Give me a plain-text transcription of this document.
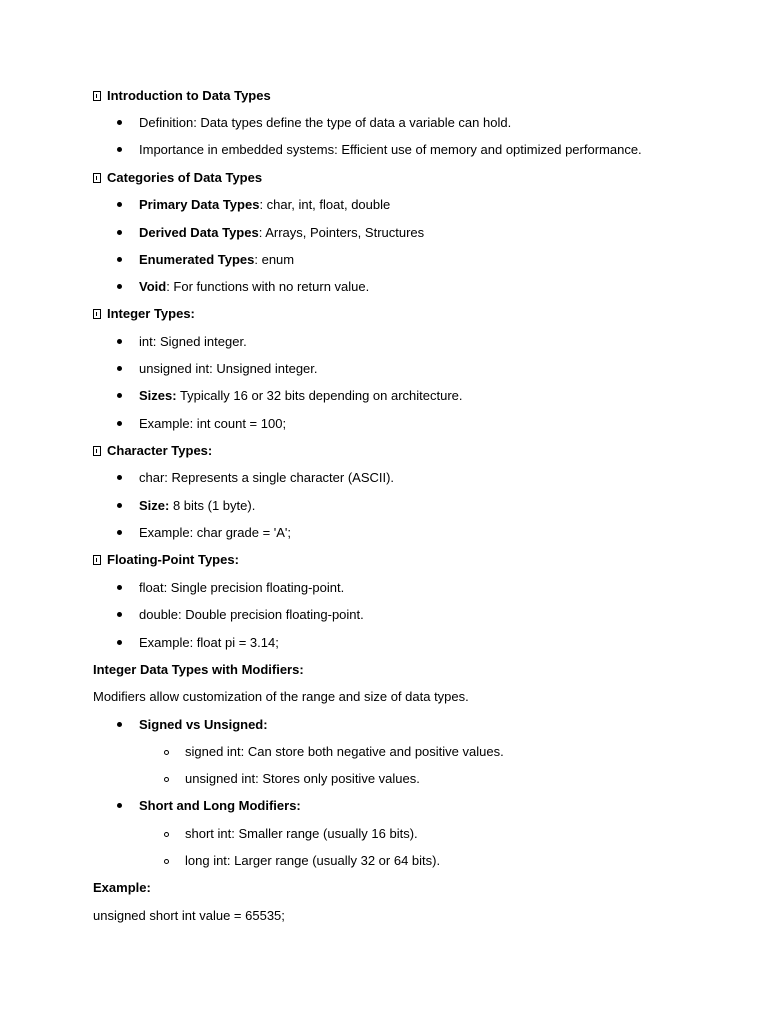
Introduction to Data Types
Definition: Data types define the type of data a variable can hold.
Importance in embedded systems: Efficient use of memory and optimized performance.
Categories of Data Types
Primary Data Types: char, int, float, double
Derived Data Types: Arrays, Pointers, Structures
Enumerated Types: enum
Void: For functions with no return value.
Integer Types:
int: Signed integer.
unsigned int: Unsigned integer.
Sizes: Typically 16 or 32 bits depending on architecture.
Example: int count = 100;
Character Types:
char: Represents a single character (ASCII).
Size: 8 bits (1 byte).
Example: char grade = 'A';
Floating-Point Types:
float: Single precision floating-point.
double: Double precision floating-point.
Example: float pi = 3.14;
Integer Data Types with Modifiers:
Modifiers allow customization of the range and size of data types.
Signed vs Unsigned:
signed int: Can store both negative and positive values.
unsigned int: Stores only positive values.
Short and Long Modifiers:
short int: Smaller range (usually 16 bits).
long int: Larger range (usually 32 or 64 bits).
Example:
unsigned short int value = 65535;
